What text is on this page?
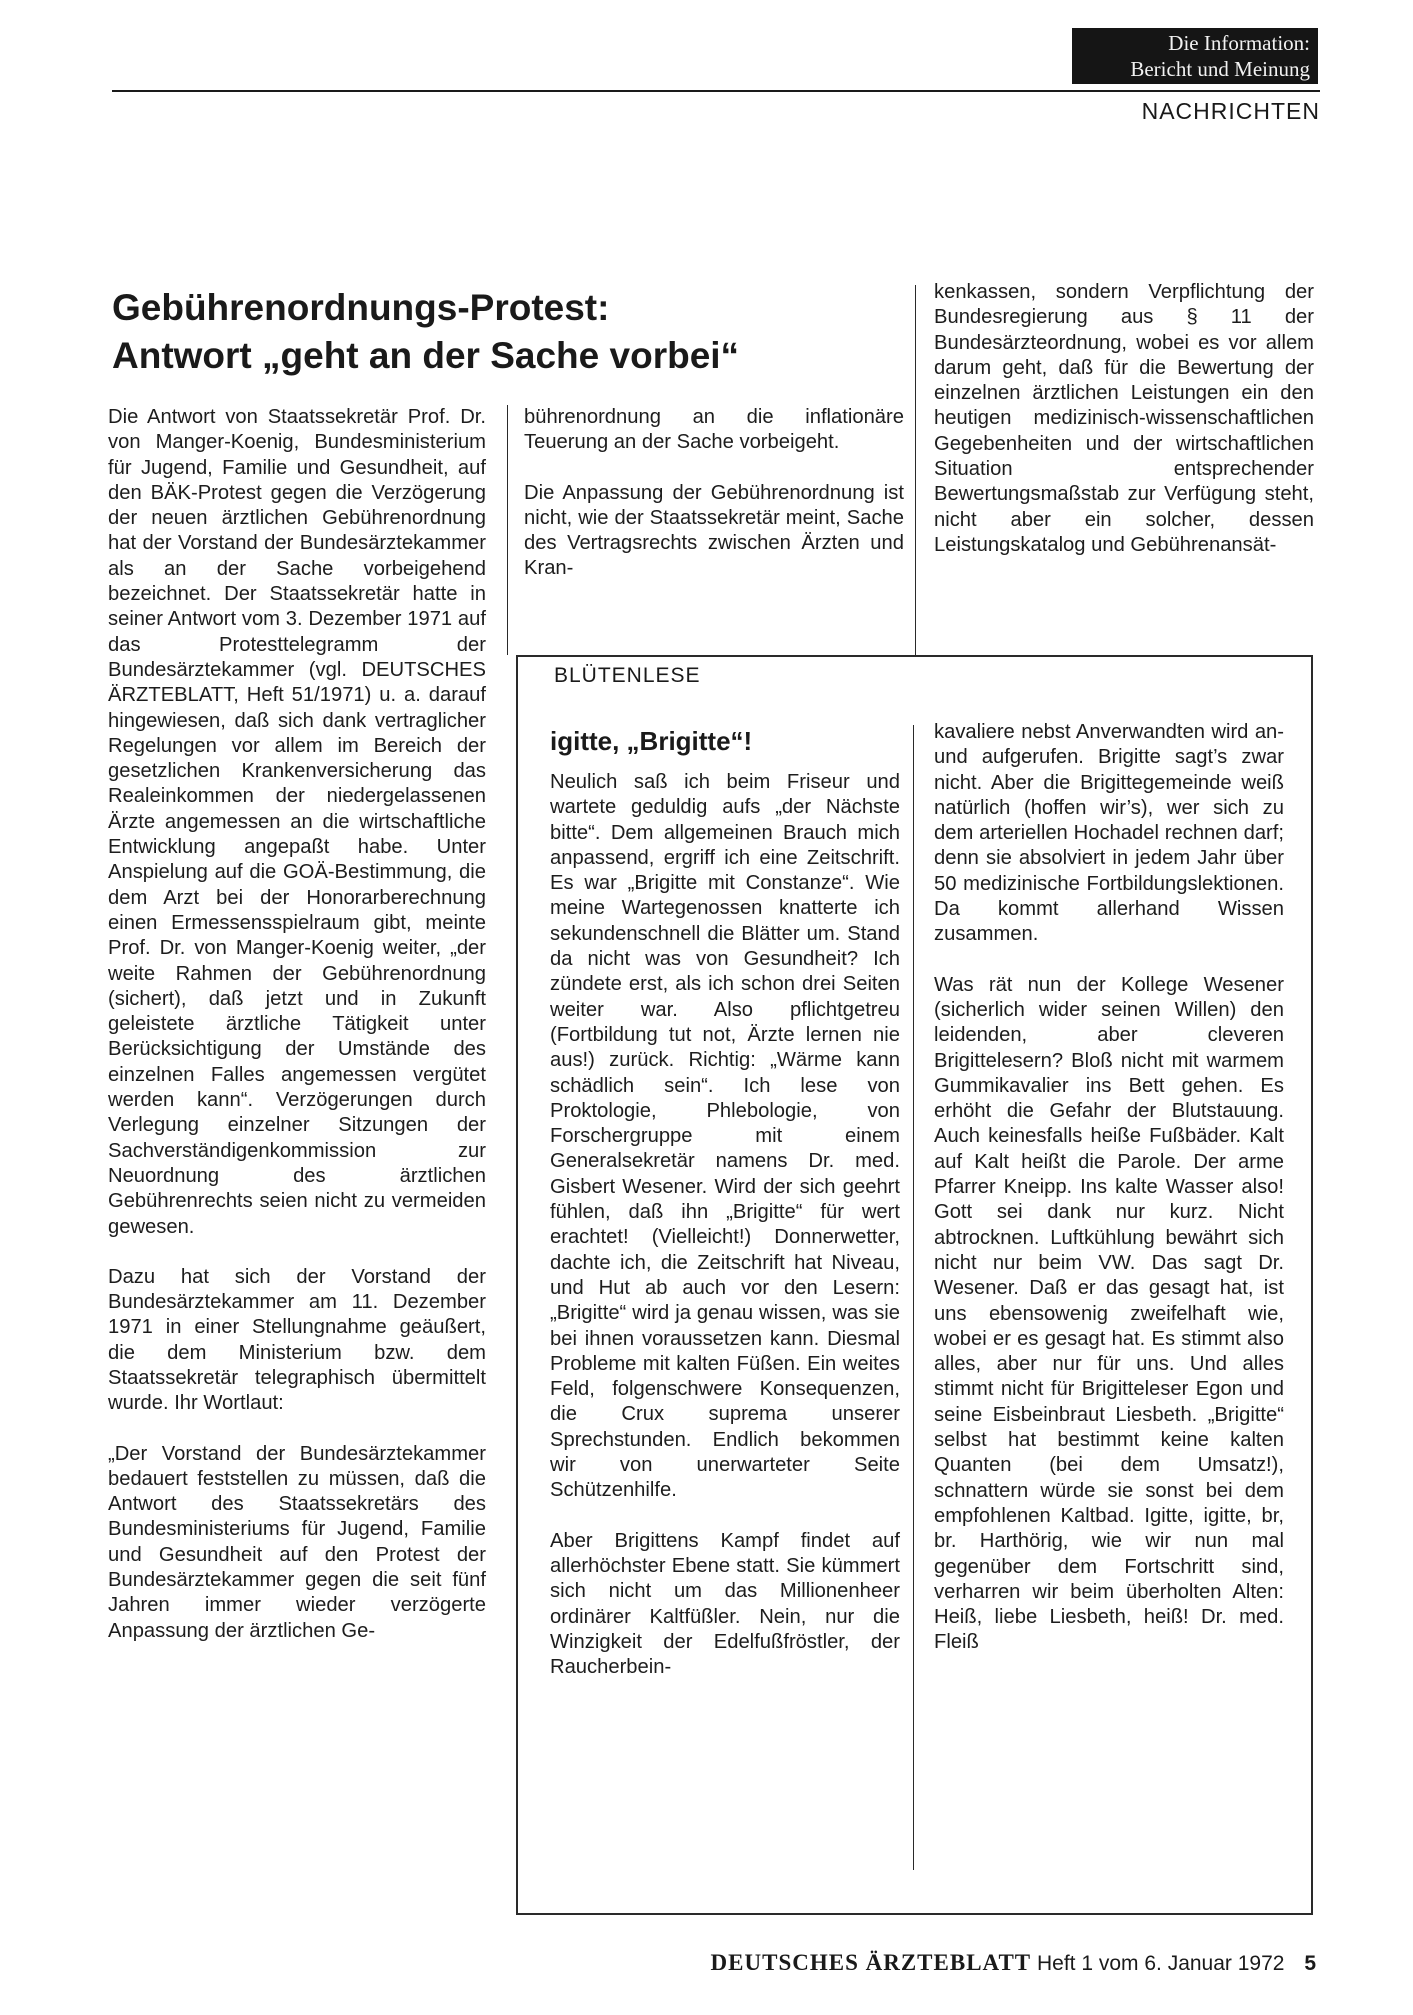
Die Information:
Bericht und Meinung
NACHRICHTEN
Gebührenordnungs-Protest:
Antwort „geht an der Sache vorbei“

Die Antwort von Staatssekretär Prof. Dr. von Manger-Koenig, Bundesministerium für Jugend, Familie und Gesundheit, auf den BÄK-Protest gegen die Verzögerung der neuen ärztlichen Gebührenordnung hat der Vorstand der Bundesärztekammer als an der Sache vorbeigehend bezeichnet. Der Staatssekretär hatte in seiner Antwort vom 3. Dezember 1971 auf das Protesttelegramm der Bundesärztekammer (vgl. DEUTSCHES ÄRZTEBLATT, Heft 51/1971) u. a. darauf hingewiesen, daß sich dank vertraglicher Regelungen vor allem im Bereich der gesetzlichen Krankenversicherung das Realeinkommen der niedergelassenen Ärzte angemessen an die wirtschaftliche Entwicklung angepaßt habe. Unter Anspielung auf die GOÄ-Bestimmung, die dem Arzt bei der Honorarberechnung einen Ermessensspielraum gibt, meinte Prof. Dr. von Manger-Koenig weiter, „der weite Rahmen der Gebührenordnung (sichert), daß jetzt und in Zukunft geleistete ärztliche Tätigkeit unter Berücksichtigung der Umstände des einzelnen Falles angemessen vergütet werden kann“. Verzögerungen durch Verlegung einzelner Sitzungen der Sachverständigenkommission zur Neuordnung des ärztlichen Gebührenrechts seien nicht zu vermeiden gewesen.

Dazu hat sich der Vorstand der Bundesärztekammer am 11. Dezember 1971 in einer Stellungnahme geäußert, die dem Ministerium bzw. dem Staatssekretär telegraphisch übermittelt wurde. Ihr Wortlaut:

„Der Vorstand der Bundesärztekammer bedauert feststellen zu müssen, daß die Antwort des Staatssekretärs des Bundesministeriums für Jugend, Familie und Gesundheit auf den Protest der Bundesärztekammer gegen die seit fünf Jahren immer wieder verzögerte Anpassung der ärztlichen Ge-

bührenordnung an die inflationäre Teuerung an der Sache vorbeigeht.

Die Anpassung der Gebührenordnung ist nicht, wie der Staatssekretär meint, Sache des Vertragsrechts zwischen Ärzten und Kran-

kenkassen, sondern Verpflichtung der Bundesregierung aus § 11 der Bundesärzteordnung, wobei es vor allem darum geht, daß für die Bewertung der einzelnen ärztlichen Leistungen ein den heutigen medizinisch-wissenschaftlichen Gegebenheiten und der wirtschaftlichen Situation entsprechender Bewertungsmaßstab zur Verfügung steht, nicht aber ein solcher, dessen Leistungskatalog und Gebührenansät-

BLÜTENLESE
igitte, „Brigitte“!

Neulich saß ich beim Friseur und wartete geduldig aufs „der Nächste bitte“. Dem allgemeinen Brauch mich anpassend, ergriff ich eine Zeitschrift. Es war „Brigitte mit Constanze“. Wie meine Wartegenossen knatterte ich sekundenschnell die Blätter um. Stand da nicht was von Gesundheit? Ich zündete erst, als ich schon drei Seiten weiter war. Also pflichtgetreu (Fortbildung tut not, Ärzte lernen nie aus!) zurück. Richtig: „Wärme kann schädlich sein“. Ich lese von Proktologie, Phlebologie, von Forschergruppe mit einem Generalsekretär namens Dr. med. Gisbert Wesener. Wird der sich geehrt fühlen, daß ihn „Brigitte“ für wert erachtet! (Vielleicht!) Donnerwetter, dachte ich, die Zeitschrift hat Niveau, und Hut ab auch vor den Lesern: „Brigitte“ wird ja genau wissen, was sie bei ihnen voraussetzen kann. Diesmal Probleme mit kalten Füßen. Ein weites Feld, folgenschwere Konsequenzen, die Crux suprema unserer Sprechstunden. Endlich bekommen wir von unerwarteter Seite Schützenhilfe.

Aber Brigittens Kampf findet auf allerhöchster Ebene statt. Sie kümmert sich nicht um das Millionenheer ordinärer Kaltfüßler. Nein, nur die Winzigkeit der Edelfußfröstler, der Raucherbein-

kavaliere nebst Anverwandten wird an- und aufgerufen. Brigitte sagt’s zwar nicht. Aber die Brigittegemeinde weiß natürlich (hoffen wir’s), wer sich zu dem arteriellen Hochadel rechnen darf; denn sie absolviert in jedem Jahr über 50 medizinische Fortbildungslektionen. Da kommt allerhand Wissen zusammen.

Was rät nun der Kollege Wesener (sicherlich wider seinen Willen) den leidenden, aber cleveren Brigittelesern? Bloß nicht mit warmem Gummikavalier ins Bett gehen. Es erhöht die Gefahr der Blutstauung. Auch keinesfalls heiße Fußbäder. Kalt auf Kalt heißt die Parole. Der arme Pfarrer Kneipp. Ins kalte Wasser also! Gott sei dank nur kurz. Nicht abtrocknen. Luftkühlung bewährt sich nicht nur beim VW. Das sagt Dr. Wesener. Daß er das gesagt hat, ist uns ebensowenig zweifelhaft wie, wobei er es gesagt hat. Es stimmt also alles, aber nur für uns. Und alles stimmt nicht für Brigitteleser Egon und seine Eisbeinbraut Liesbeth. „Brigitte“ selbst hat bestimmt keine kalten Quanten (bei dem Umsatz!), schnattern würde sie sonst bei dem empfohlenen Kaltbad. Igitte, igitte, br, br. Harthörig, wie wir nun mal gegenüber dem Fortschritt sind, verharren wir beim überholten Alten: Heiß, liebe Liesbeth, heiß! Dr. med. Fleiß

DEUTSCHES ÄRZTEBLATT Heft 1 vom 6. Januar 1972 5
